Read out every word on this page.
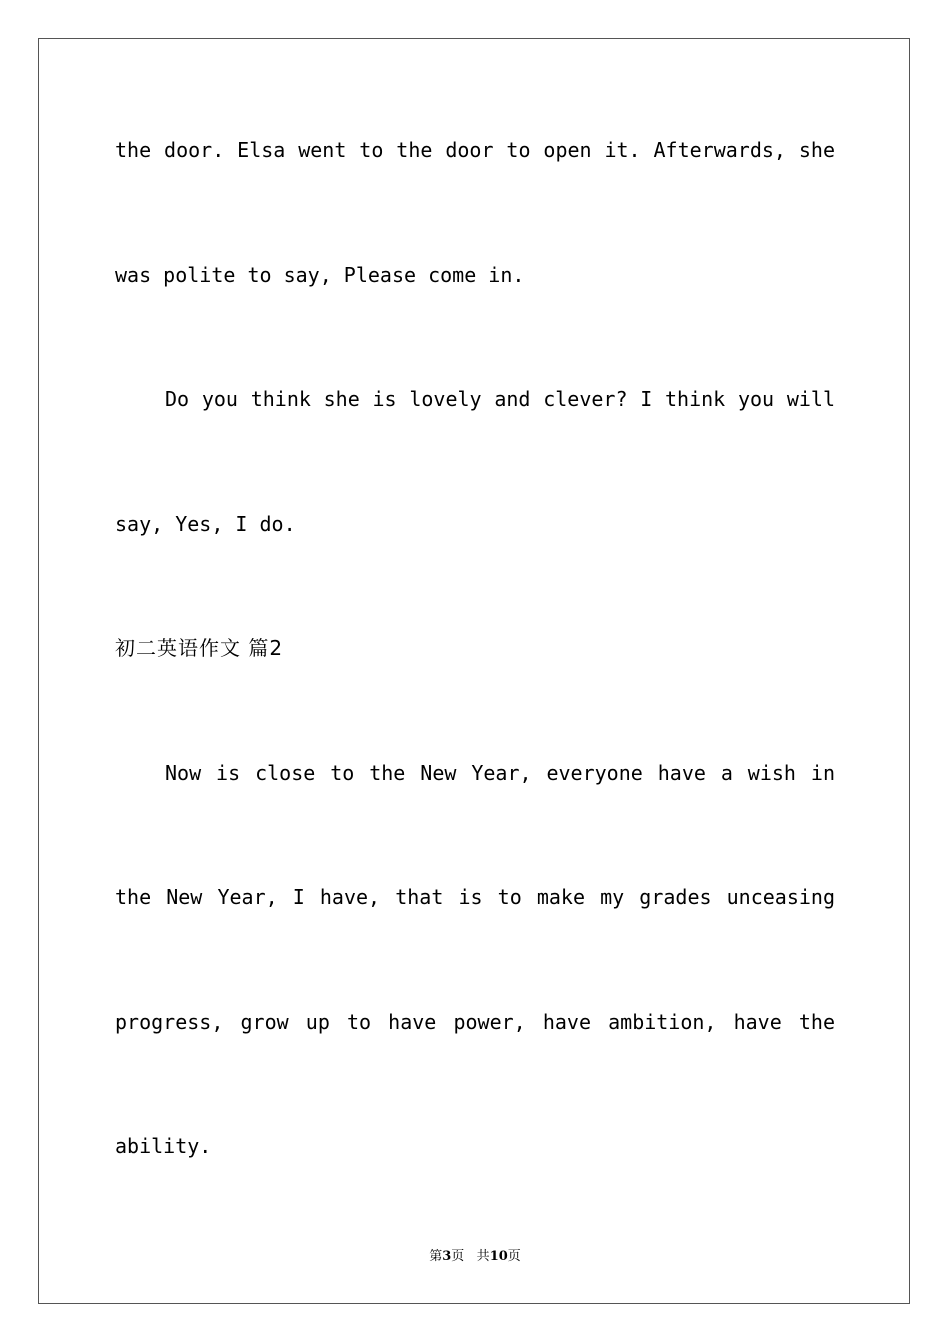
the door. Elsa went to the door to open it. Afterwards, she
was polite to say, Please come in.
Do you think she is lovely and clever? I think you will
say, Yes, I do.
初二英语作文 篇2
Now is close to the New Year, everyone have a wish in
the New Year, I have, that is to make my grades unceasing
progress, grow up to have power, have ambition, have the
ability.
第3页 共10页
